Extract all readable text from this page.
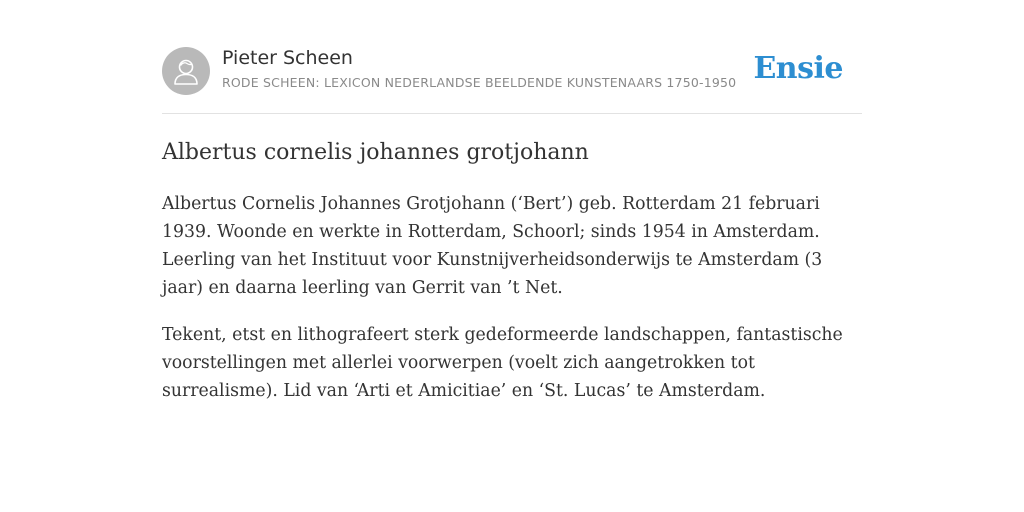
Pieter Scheen
RODE SCHEEN: LEXICON NEDERLANDSE BEELDENDE KUNSTENAARS 1750-1950 Ensie
Albertus cornelis johannes grotjohann

Albertus Cornelis Johannes Grotjohann (‘Bert’) geb. Rotterdam 21 februari 1939. Woonde en werkte in Rotterdam, Schoorl; sinds 1954 in Amsterdam. Leerling van het Instituut voor Kunstnijverheidsonderwijs te Amsterdam (3 jaar) en daarna leerling van Gerrit van ’t Net.

Tekent, etst en lithografeert sterk gedeformeerde landschappen, fantastische voorstellingen met allerlei voorwerpen (voelt zich aangetrokken tot surrealisme). Lid van ‘Arti et Amicitiae’ en ‘St. Lucas’ te Amsterdam.
